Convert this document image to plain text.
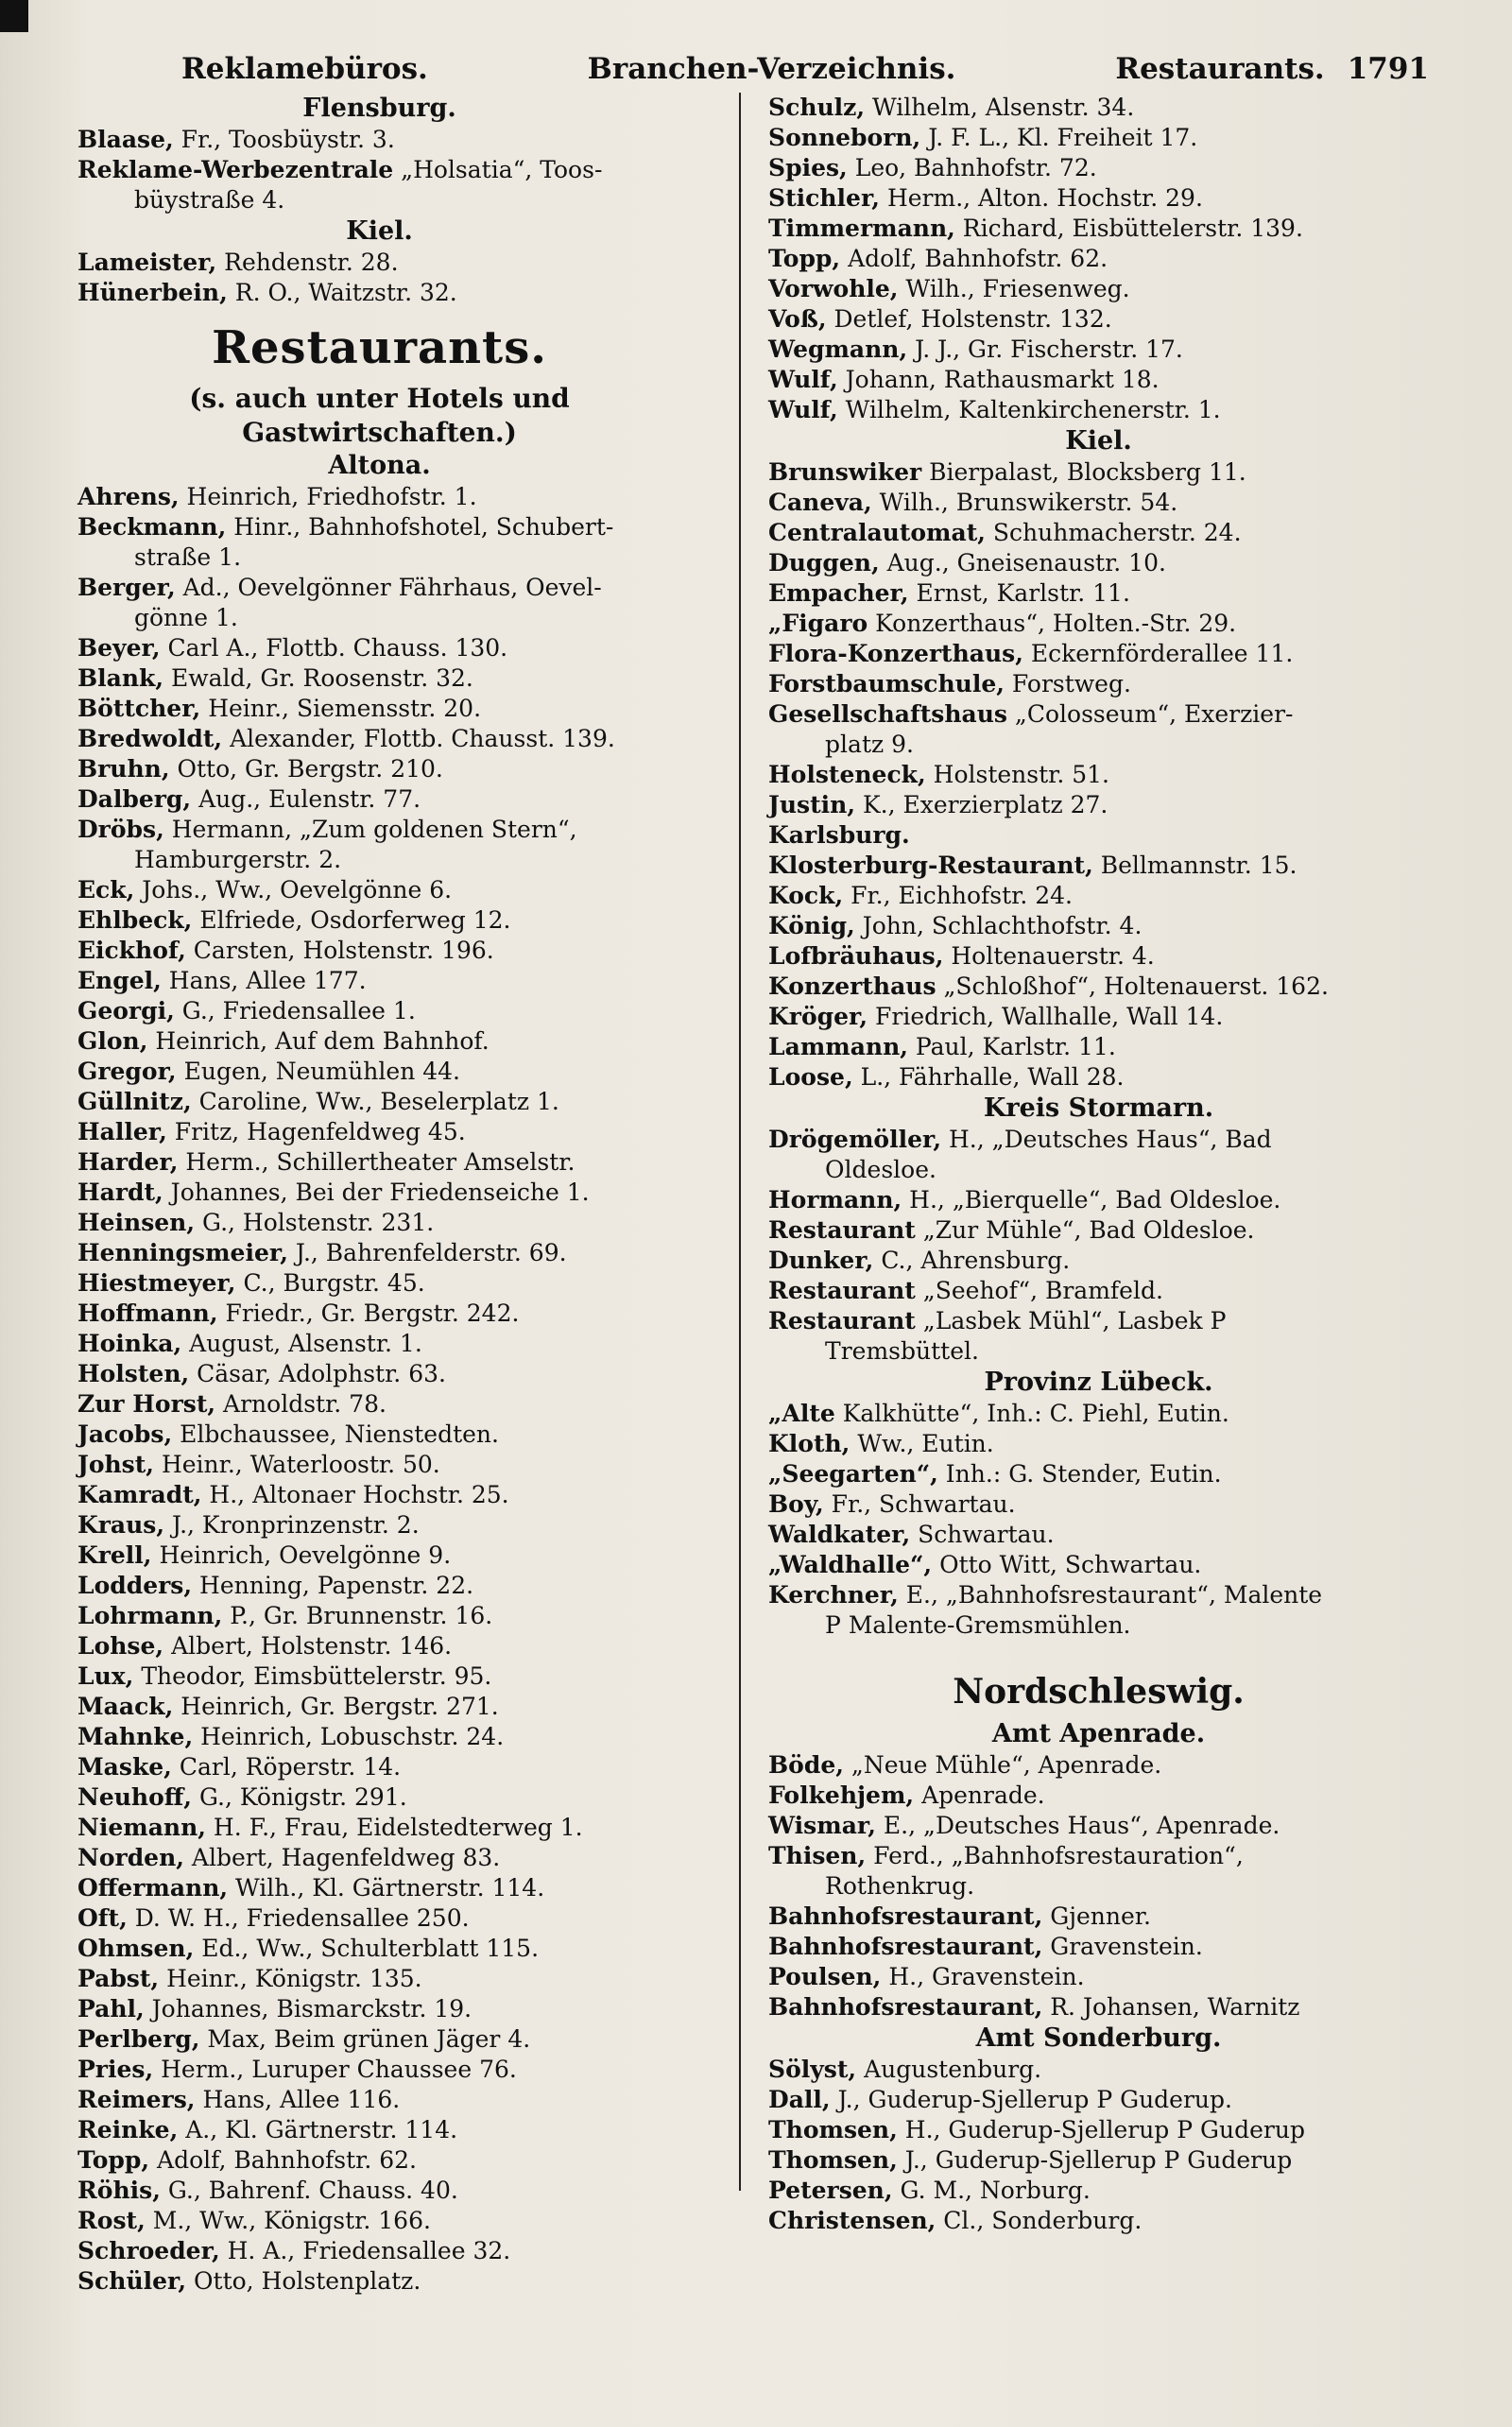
Reklamebüros.	Branchen-Verzeichnis.	Restaurants. 1791
Flensburg.
Blaase, Fr., Toosbüystr. 3.
Reklame-Werbezentrale „Holsatia“, Toos-
büystraße 4.
Kiel.
Lameister, Rehdenstr. 28.
Hünerbein, R. O., Waitzstr. 32.
Restaurants.
(s. auch unter Hotels und Gastwirtschaften.)
Altona.
Ahrens, Heinrich, Friedhofstr. 1.
Beckmann, Hinr., Bahnhofshotel, Schubert-
straße 1.
Berger, Ad., Oevelgönner Fährhaus, Oevel-
gönne 1.
Beyer, Carl A., Flottb. Chauss. 130.
Blank, Ewald, Gr. Roosenstr. 32.
Böttcher, Heinr., Siemensstr. 20.
Bredwoldt, Alexander, Flottb. Chausst. 139.
Bruhn, Otto, Gr. Bergstr. 210.
Dalberg, Aug., Eulenstr. 77.
Dröbs, Hermann, „Zum goldenen Stern“,
Hamburgerstr. 2.
Eck, Johs., Ww., Oevelgönne 6.
Ehlbeck, Elfriede, Osdorferweg 12.
Eickhof, Carsten, Holstenstr. 196.
Engel, Hans, Allee 177.
Georgi, G., Friedensallee 1.
Glon, Heinrich, Auf dem Bahnhof.
Gregor, Eugen, Neumühlen 44.
Güllnitz, Caroline, Ww., Beselerplatz 1.
Haller, Fritz, Hagenfeldweg 45.
Harder, Herm., Schillertheater Amselstr.
Hardt, Johannes, Bei der Friedenseiche 1.
Heinsen, G., Holstenstr. 231.
Henningsmeier, J., Bahrenfelderstr. 69.
Hiestmeyer, C., Burgstr. 45.
Hoffmann, Friedr., Gr. Bergstr. 242.
Hoinka, August, Alsenstr. 1.
Holsten, Cäsar, Adolphstr. 63.
Zur Horst, Arnoldstr. 78.
Jacobs, Elbchaussee, Nienstedten.
Johst, Heinr., Waterloostr. 50.
Kamradt, H., Altonaer Hochstr. 25.
Kraus, J., Kronprinzenstr. 2.
Krell, Heinrich, Oevelgönne 9.
Lodders, Henning, Papenstr. 22.
Lohrmann, P., Gr. Brunnenstr. 16.
Lohse, Albert, Holstenstr. 146.
Lux, Theodor, Eimsbüttelerstr. 95.
Maack, Heinrich, Gr. Bergstr. 271.
Mahnke, Heinrich, Lobuschstr. 24.
Maske, Carl, Röperstr. 14.
Neuhoff, G., Königstr. 291.
Niemann, H. F., Frau, Eidelstedterweg 1.
Norden, Albert, Hagenfeldweg 83.
Offermann, Wilh., Kl. Gärtnerstr. 114.
Oft, D. W. H., Friedensallee 250.
Ohmsen, Ed., Ww., Schulterblatt 115.
Pabst, Heinr., Königstr. 135.
Pahl, Johannes, Bismarckstr. 19.
Perlberg, Max, Beim grünen Jäger 4.
Pries, Herm., Luruper Chaussee 76.
Reimers, Hans, Allee 116.
Reinke, A., Kl. Gärtnerstr. 114.
Topp, Adolf, Bahnhofstr. 62.
Röhis, G., Bahrenf. Chauss. 40.
Rost, M., Ww., Königstr. 166.
Schroeder, H. A., Friedensallee 32.
Schüler, Otto, Holstenplatz.
Schulz, Wilhelm, Alsenstr. 34.
Sonneborn, J. F. L., Kl. Freiheit 17.
Spies, Leo, Bahnhofstr. 72.
Stichler, Herm., Alton. Hochstr. 29.
Timmermann, Richard, Eisbüttelerstr. 139.
Topp, Adolf, Bahnhofstr. 62.
Vorwohle, Wilh., Friesenweg.
Voß, Detlef, Holstenstr. 132.
Wegmann, J. J., Gr. Fischerstr. 17.
Wulf, Johann, Rathausmarkt 18.
Wulf, Wilhelm, Kaltenkirchenerstr. 1.
Kiel.
Brunswiker Bierpalast, Blocksberg 11.
Caneva, Wilh., Brunswikerstr. 54.
Centralautomat, Schuhmacherstr. 24.
Duggen, Aug., Gneisenaustr. 10.
Empacher, Ernst, Karlstr. 11.
„Figaro Konzerthaus“, Holten.-Str. 29.
Flora-Konzerthaus, Eckernförderallee 11.
Forstbaumschule, Forstweg.
Gesellschaftshaus „Colosseum“, Exerzier-
platz 9.
Holsteneck, Holstenstr. 51.
Justin, K., Exerzierplatz 27.
Karlsburg.
Klosterburg-Restaurant, Bellmannstr. 15.
Kock, Fr., Eichhofstr. 24.
König, John, Schlachthofstr. 4.
Lofbräuhaus, Holtenauerstr. 4.
Konzerthaus „Schloßhof“, Holtenauerst. 162.
Kröger, Friedrich, Wallhalle, Wall 14.
Lammann, Paul, Karlstr. 11.
Loose, L., Fährhalle, Wall 28.
Kreis Stormarn.
Drögemöller, H., „Deutsches Haus“, Bad
Oldesloe.
Hormann, H., „Bierquelle“, Bad Oldesloe.
Restaurant „Zur Mühle“, Bad Oldesloe.
Dunker, C., Ahrensburg.
Restaurant „Seehof“, Bramfeld.
Restaurant „Lasbek Mühl“, Lasbek P
Tremsbüttel.
Provinz Lübeck.
„Alte Kalkhütte“, Inh.: C. Piehl, Eutin.
Kloth, Ww., Eutin.
„Seegarten“, Inh.: G. Stender, Eutin.
Boy, Fr., Schwartau.
Waldkater, Schwartau.
„Waldhalle“, Otto Witt, Schwartau.
Kerchner, E., „Bahnhofsrestaurant“, Malente
P Malente-Gremsmühlen.
Nordschleswig.
Amt Apenrade.
Böde, „Neue Mühle“, Apenrade.
Folkehjem, Apenrade.
Wismar, E., „Deutsches Haus“, Apenrade.
Thisen, Ferd., „Bahnhofsrestauration“,
Rothenkrug.
Bahnhofsrestaurant, Gjenner.
Bahnhofsrestaurant, Gravenstein.
Poulsen, H., Gravenstein.
Bahnhofsrestaurant, R. Johansen, Warnitz
Amt Sonderburg.
Sölyst, Augustenburg.
Dall, J., Guderup-Sjellerup P Guderup.
Thomsen, H., Guderup-Sjellerup P Guderup
Thomsen, J., Guderup-Sjellerup P Guderup
Petersen, G. M., Norburg.
Christensen, Cl., Sonderburg.
